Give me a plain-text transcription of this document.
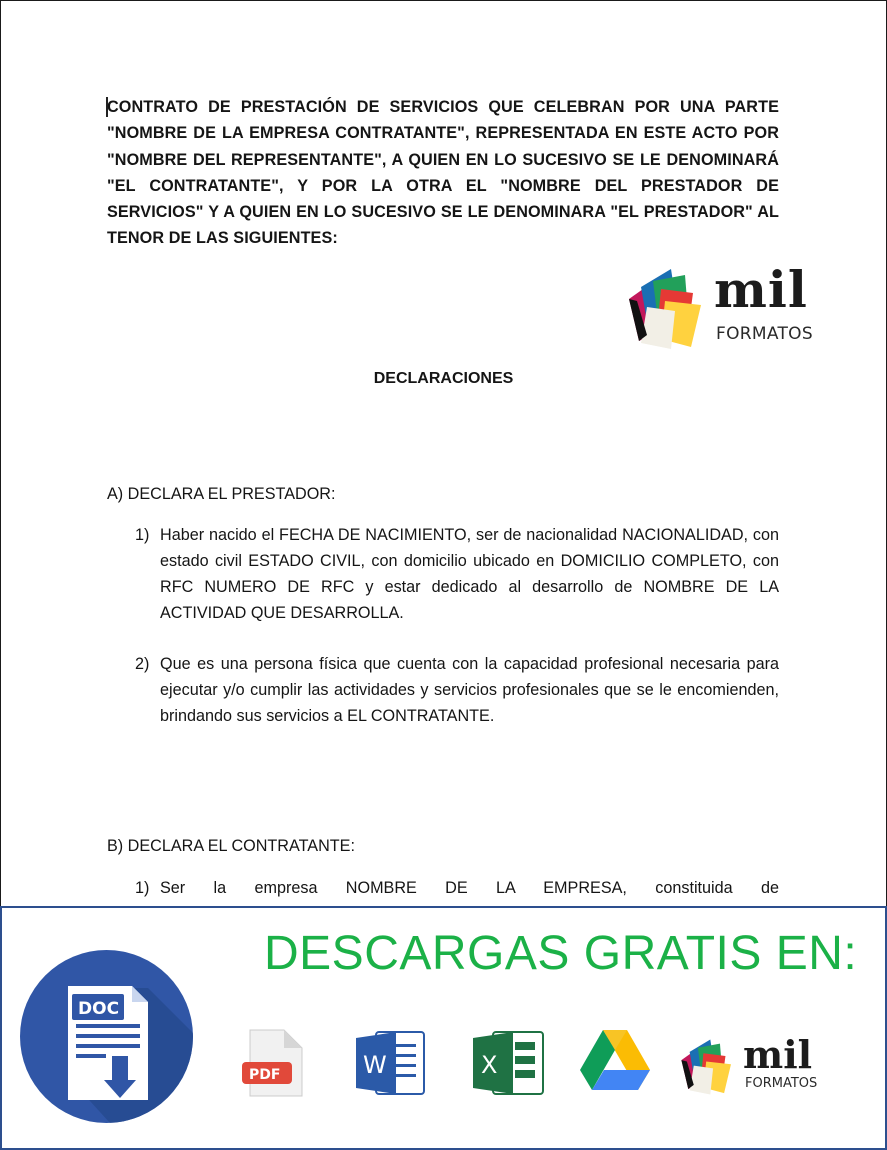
CONTRATO DE PRESTACIÓN DE SERVICIOS QUE CELEBRAN POR UNA PARTE "NOMBRE DE LA EMPRESA CONTRATANTE", REPRESENTADA EN ESTE ACTO POR "NOMBRE DEL REPRESENTANTE", A QUIEN EN LO SUCESIVO SE LE DENOMINARÁ "EL CONTRATANTE", Y POR LA OTRA EL "NOMBRE DEL PRESTADOR DE SERVICIOS" Y A QUIEN EN LO SUCESIVO SE LE DENOMINARA "EL PRESTADOR" AL TENOR DE LAS SIGUIENTES:

mil
FORMATOS

DECLARACIONES

A) DECLARA EL PRESTADOR:

1) Haber nacido el FECHA DE NACIMIENTO, ser de nacionalidad NACIONALIDAD, con estado civil ESTADO CIVIL, con domicilio ubicado en DOMICILIO COMPLETO, con RFC NUMERO DE RFC y estar dedicado al desarrollo de NOMBRE DE LA ACTIVIDAD QUE DESARROLLA.
2) Que es una persona física que cuenta con la capacidad profesional necesaria para ejecutar y/o cumplir las actividades y servicios profesionales que se le encomienden, brindando sus servicios a EL CONTRATANTE.

B) DECLARA EL CONTRATANTE:

1) Ser la empresa NOMBRE DE LA EMPRESA, constituida de
DESCARGAS GRATIS EN:
DOC
PDF	W	X	mil
FORMATOS
